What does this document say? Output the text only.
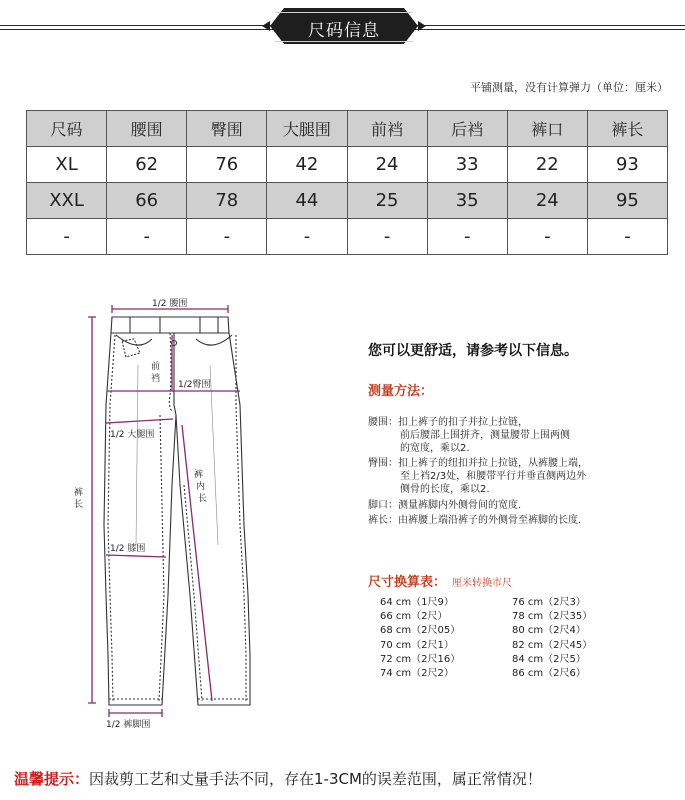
尺码信息
平铺测量，没有计算弹力（单位：厘米）
尺码	腰围	臀围	大腿围	前裆	后裆	裤口	裤长
XL	62	76	42	24	33	22	93
XXL	66	78	44	25	35	24	95
-	-	-	-	-	-	-	-
1/2 腰围
前
裆
1/2臀围
1/2 大腿围
裤
内
长
裤
长
1/2 膝围
1/2 裤脚围
您可以更舒适，请参考以下信息。
测量方法：
腰围：扣上裤子的扣子并拉上拉链，
前后腰部上围拼齐，测量腰带上围两侧
的宽度，乘以2.
臀围：扣上裤子的纽扣并拉上拉链，从裤腰上端，
至上裆2/3处，和腰带平行并垂直侧两边外
侧骨的长度，乘以2.
脚口：测量裤脚内外侧骨间的宽度.
裤长：由裤腰上端沿裤子的外侧骨至裤脚的长度.
尺寸换算表： 厘米转换市尺
64 cm（1尺9）
66 cm（2尺）
68 cm（2尺05）
70 cm（2尺1）
72 cm（2尺16）
74 cm（2尺2）
76 cm（2尺3）
78 cm（2尺35）
80 cm（2尺4）
82 cm（2尺45）
84 cm（2尺5）
86 cm（2尺6）
温馨提示：因裁剪工艺和丈量手法不同，存在1-3CM的误差范围，属正常情况！
